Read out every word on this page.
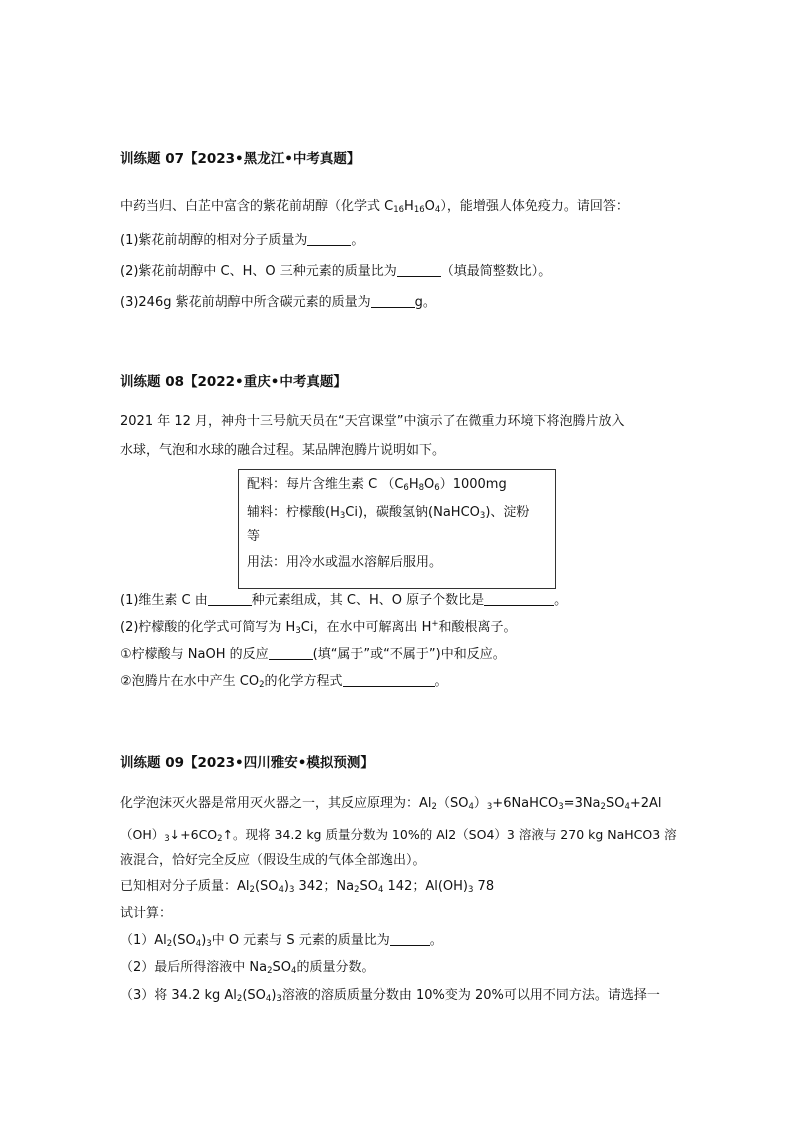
训练题 07【2023•黑龙江•中考真题】
中药当归、白芷中富含的紫花前胡醇（化学式 $C_{16}H_{16}O_4$），能增强人体免疫力。请回答：
(1)紫花前胡醇的相对分子质量为	。
(2)紫花前胡醇中 C、H、O 三种元素的质量比为	（填最简整数比）。
(3)246g 紫花前胡醇中所含碳元素的质量为	g。
训练题 08【2022•重庆•中考真题】
2021 年 12 月，神舟十三号航天员在“天宫课堂”中演示了在微重力环境下将泡腾片放入
水球，气泡和水球的融合过程。某品牌泡腾片说明如下。
配料：每片含维生素 C $(C_6H_8O_6)1000mg$
辅料：柠檬酸$(H_3Ci)$，碳酸氢钠(NaHCO$_3$)、淀粉
等
用法：用冷水或温水溶解后服用。
(1)维生素 C 由	种元素组成，其 C、H、O 原子个数比是	。
(2)柠檬酸的化学式可简写为 $H_3Ci$，在水中可解离出 H+和酸根离子。
①柠檬酸与 NaOH 的反应	(填“属于”或“不属于”)中和反应。
②泡腾片在水中产生 $CO_2$的化学方程式	。
训练题 09【2023•四川雅安•模拟预测】
化学泡沫灭火器是常用灭火器之一，其反应原理为：$Al_2(SO_4)_3+6NaHCO_3=3Na_2SO_4+2Al$
$(OH)_3↓+6CO_2↑$。现将 34.2 kg 质量分数为 10%的 Al2（SO4）3 溶液与 270 kg NaHCO3 溶
液混合，恰好完全反应（假设生成的气体全部逸出）。
已知相对分子质量：$Al_2(SO_4)_3$ 342；$Na_2SO_4$ 142；$Al(OH)_3$ 78
试计算：
$(1)Al_2(SO_4)_3$中 O 元素与 S 元素的质量比为	。
（2）最后所得溶液中 $Na_2SO_4$的质量分数。
（3）将 34.2 kg $Al_2(SO_4)_3$溶液的溶质质量分数由 10%变为 20%可以用不同方法。请选择一
